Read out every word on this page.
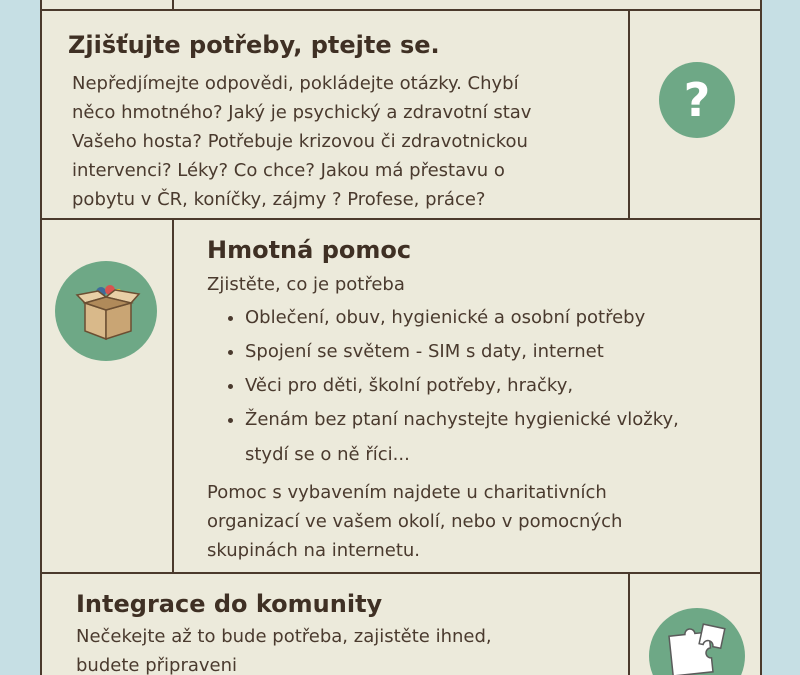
Zjišťujte potřeby, ptejte se.
Nepředjímejte odpovědi, pokládejte otázky. Chybí
něco hmotného? Jaký je psychický a zdravotní stav
Vašeho hosta? Potřebuje krizovou či zdravotnickou
intervenci? Léky? Co chce? Jakou má přestavu o
pobytu v ČR, koníčky, zájmy ? Profese, práce?
?
Hmotná pomoc
Zjistěte, co je potřeba
• Oblečení, obuv, hygienické a osobní potřeby
• Spojení se světem - SIM s daty, internet
• Věci pro děti, školní potřeby, hračky,
• Ženám bez ptaní nachystejte hygienické vložky,
stydí se o ně říci...
Pomoc s vybavením najdete u charitativních
organizací ve vašem okolí, nebo v pomocných
skupinách na internetu.
Integrace do komunity
Nečekejte až to bude potřeba, zajistěte ihned,
budete připraveni
